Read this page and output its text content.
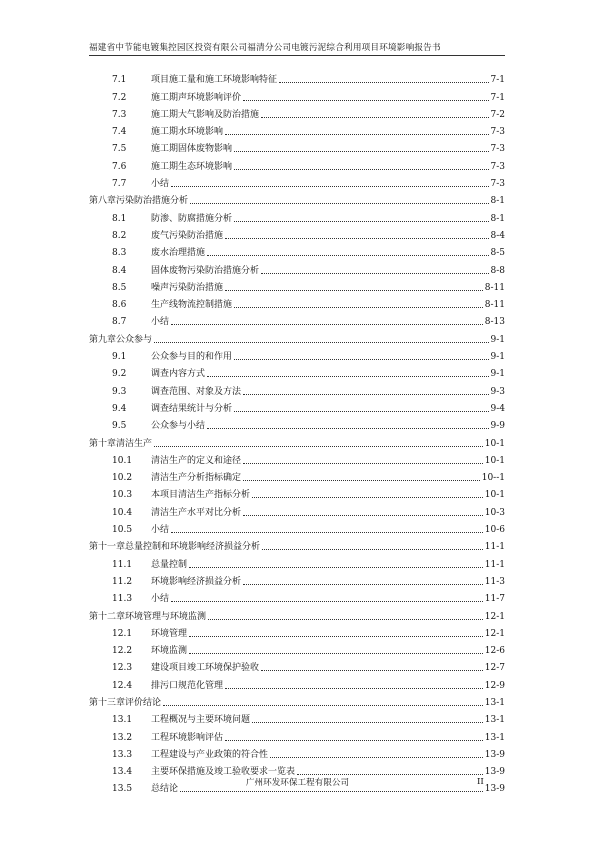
福建省中节能电镀集控园区投资有限公司福清分公司电镀污泥综合利用项目环境影响报告书
7.1	项目施工量和施工环境影响特征	7-1
7.2	施工期声环境影响评价	7-1
7.3	施工期大气影响及防治措施	7-2
7.4	施工期水环境影响	7-3
7.5	施工期固体废物影响	7-3
7.6	施工期生态环境影响	7-3
7.7	小结	7-3
第八章污染防治措施分析	8-1
8.1	防渗、防腐措施分析	8-1
8.2	废气污染防治措施	8-4
8.3	废水治理措施	8-5
8.4	固体废物污染防治措施分析	8-8
8.5	噪声污染防治措施	8-11
8.6	生产线物流控制措施	8-11
8.7	小结	8-13
第九章公众参与	9-1
9.1	公众参与目的和作用	9-1
9.2	调查内容方式	9-1
9.3	调查范围、对象及方法	9-3
9.4	调查结果统计与分析	9-4
9.5	公众参与小结	9-9
第十章清洁生产	10-1
10.1 清洁生产的定义和途径	10-1
10.2 清洁生产分析指标确定	10--1
10.3 本项目清洁生产指标分析	10-1
10.4 清洁生产水平对比分析	10-3
10.5 小结	10-6
第十一章总量控制和环境影响经济损益分析	11-1
11.1 总量控制	11-1
11.2 环境影响经济损益分析	11-3
11.3 小结	11-7
第十二章环境管理与环境监测	12-1
12.1 环境管理	12-1
12.2 环境监测	12-6
12.3 建设项目竣工环境保护验收	12-7
12.4 排污口规范化管理	12-9
第十三章评价结论	13-1
13.1 工程概况与主要环境问题	13-1
13.2 工程环境影响评估	13-1
13.3 工程建设与产业政策的符合性	13-9
13.4 主要环保措施及竣工验收要求一览表	13-9
13.5 总结论	13-9
广州环发环保工程有限公司	II
